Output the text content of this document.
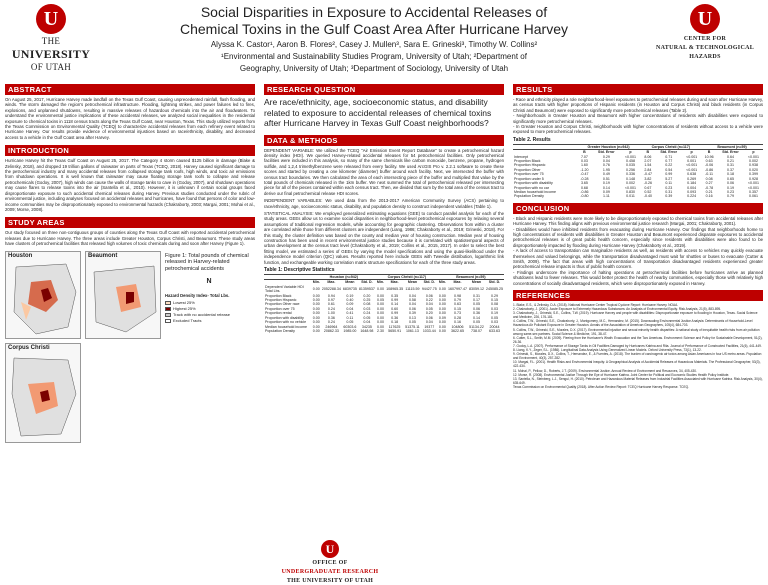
U
THE
UNIVERSITY
OF UTAH
Social Disparities in Exposure to Accidental Releases of
Chemical Toxins in the Gulf Coast Area After Hurricane Harvey
Alyssa K. Castor¹, Aaron B. Flores², Casey J. Mullen³, Sara E. Grineski³, Timothy W. Collins²
¹Environmental and Sustainability Studies Program, University of Utah; ²Department of
Geography, University of Utah; ³Department of Sociology, University of Utah
U
CENTER FOR
NATURAL & TECHNOLOGICAL
HAZARDS
ABSTRACT
On August 25, 2017, Hurricane Harvey made landfall on the Texas Gulf Coast, causing unprecedented rainfall, flash flooding, and winds. The storm damaged the region's petrochemical infrastructure. Flooding, lightning strikes, and power failures led to fires, explosions, and unplanned shutdowns, resulting in massive releases of hazardous chemicals into the air and floodwaters. To understand the environmental justice implications of these accidental releases, we analyzed social inequalities in the residential exposure to chemical toxins in 1118 census tracts along the Texas Gulf Coast, near Houston, Texas. This study utilized reports from the Texas Commission on Environmental Quality (TCEQ) to characterize accidental releases from each refinery event related to Hurricane Harvey. Our results provide evidence of environmental injustices based on race/ethnicity, disability, and decreased access to a vehicle in the Gulf Coast area after Harvey.
INTRODUCTION
Hurricane Harvey hit the Texas Gulf Coast on August 25, 2017. The Category 4 storm caused $125 billion in damage (Blake & Zelinsky, 2018), and dropped 19 trillion gallons of rainwater on parts of Texas (TCEQ, 2018). Harvey caused significant damage to the petrochemical industry and many accidental releases from collapsed storage tank roofs, high winds, and toxic air emissions from shutdown operations. It is well known that rainwater may cause floating storage tank roofs to collapse and release petrochemicals (Godoy, 2007), high winds can cause the walls of storage tanks to cave in (Godoy, 2007), and shutdown operations may cause flares to release toxins into the air (Santella et al., 2010). However, it is unknown if certain social groups faced disproportionate exposure to such accidental chemical releases during Harvey. Previous studies conducted under the rubric of environmental justice, including analyses focused on accidental releases and hurricanes, have found that persons of color and low-income communities may be disproportionately exposed to environmental hazards (Chakraborty, 2003; Margai, 2001; Mohai et al., 2009; Morse, 2008).
STUDY AREAS
Our study focused on three non-contiguous groups of counties along the Texas Gulf Coast with reported accidental petrochemical releases due to Hurricane Harvey. The three areas include Greater Houston, Corpus Christi, and Beaumont. These study areas have clusters of petrochemical facilities that released high volumes of toxic chemicals during and soon after Harvey (Figure 1).
Houston	Beaumont	Figure 1: Total pounds of chemical released in Harvey-related petrochemical accidents
N
Hazard Density Index- Total Lbs.
Lowest 25%
Highest 25%
Track with no accidental release
Excluded Tracts
Corpus Christi
RESEARCH QUESTION
Are race/ethnicity, age, socioeconomic status, and disability related to exposure to accidental releases of chemical toxins after Hurricane Harvey in Texas Gulf Coast neighborhoods?
DATA & METHODS
DEPENDENT VARIABLE: We utilized the TCEQ "Air Emission Event Report Database" to create a petrochemical hazard density index (HDI). We queried Harvey-related accidental releases for 54 petrochemical facilities. Only petrochemical facilities were included in this analysis, so many of the same chemicals like carbon monoxide, benzene, propane, hydrogen sulfide, and 1,2,4 trimethylbenzene were released from every facility. We used ArcGIS Pro v. 2.2.1 software to create these scores and started by creating a one kilometer (diameter) buffer around each facility. Next, we intersected the buffer with census tract boundaries. We then calculated the area of each intersecting piece of the buffer and multiplied that value by the total pounds of chemicals released in the 1km buffer. We next summed the total of petrochemical released per intersecting piece for all of the pieces contained within each census tract. Then, we divided that sum by the total area of the census tract to derive our final petrochemical release HDI scores.
INDEPENDENT VARIABLES: We used data from the 2013-2017 American Community Survey (ACS) pertaining to race/ethnicity, age, socioeconomic status, disability, and population density to construct independent variables (Table 1).
STATISTICAL ANALYSIS: We employed generalized estimating equations (GEE) to conduct parallel analysis for each of the study areas. GEEs allow us to examine social disparities in neighborhood-level petrochemical exposures by relaxing several assumptions of traditional regression models, while accounting for geographic clustering. Observations from within a cluster are correlated while those from different clusters are independent (Liang, 1986; Chakraborty et al., 2019; Grineski, 2018). For this study, the cluster definition was based on the county and median year of housing construction. Median year of housing construction has been used in recent environmental justice studies because it is correlated with spatiotemporal aspects of urban development at the census tract level (Chakraborty et al., 2019; Collins et al., 2015, 2017). In order to select the best fitting model, we estimated a series of GEEs by varying the model specifications and using the quasi-likelihood under the independence model criterion (QIC) values. Results reported here include GEEs with Tweedie distribution, logarithmic link function, and exchangeable working correlation matrix structure specifications for each of the three study areas.
Table 1: Descriptive Statistics
	Houston (n=942)				Corpus Christi (n=117)				Beaumont (n=59)			
	Min.	Max.	Mean	Std. D.	Min.	Max.	Mean	Std. D.	Min.	Max.	Mean	Std. D.
Dependent Variable HDI Total Lbs.	0.00	2052288.34	6839735	81359537	0.00	108965.35	11115.59	94427.75	0.00	1607997.47	83059.12	245085.25
Proportion Black	0.00	0.94	0.19	0.20	0.00	0.35	0.04	0.06	0.00	0.98	0.31	0.29
Proportion Hispanic	0.00	0.97	0.40	0.25	0.05	0.99	0.58	0.22	0.00	0.79	0.17	0.15
Proportion Other race	0.00	0.61	0.09	0.08	0.00	0.14	0.04	0.04	0.00	0.63	0.05	0.08
Proportion over 75	0.00	0.24	0.04	0.03	0.00	0.60	0.06	0.05	0.00	0.15	0.06	0.03
Proportion rental	0.00	1.00	0.41	0.24	0.00	0.99	0.39	0.20	0.00	0.73	0.36	0.19
Proportion with disability	0.00	0.36	0.11	0.05	0.00	0.36	0.13	0.06	0.09	0.28	0.14	0.05
Proportion with no vehicle	0.00	0.24	0.05	0.04	0.00	0.18	0.05	0.04	0.00	0.16	0.05	0.03
Median household income	0.00	246964	60303.6	34235	0.00	117625	51375.11	19377	0.00	104806	51134.22	20044
Population Density	0.00	20862.33	1985.00	1648.98	2.30	5650.91	1061.13	1033.44	0.00	3622.65	738.07	633.63
RESULTS
- Race and ethnicity played a role neighborhood-level exposures to petrochemical releases during and soon after Hurricane Harvey, as census tracts with higher proportions of Hispanic residents (in Houston and Corpus Christi) and black residents (in Corpus Christi and Beaumont) were exposed to significantly more petrochemical releases (Table 2).
- Neighborhoods in Greater Houston and Beaumont with higher concentrations of residents with disabilities were exposed to significantly more petrochemical releases.
- In Greater Houston and Corpus Christi, neighborhoods with higher concentrations of residents without access to a vehicle were exposed to more petrochemical releases.
Table 2. Results
	Greater Houston (n=942)			Corpus Christi (n=117)			Beaumont (n=59)		
	B	Std. Error	p	B	Std. Error	p	B	Std. Error	p
Intercept	7.07	0.29	<0.001	8.06	0.71	<0.001	10.96	0.64	<0.001
Proportion Black	0.03	0.04	0.458	2.07	0.77	0.001	0.63	0.21	0.002
Proportion Hispanic	1.60	0.76	0.035	1.54	0.22	<0.001	-0.06	0.31	0.938
Proportion Other	-1.20	1.95	0.256	2.84	0.54	<0.001	-0.86	0.37	0.020
Proportion over 75	-0.47	0.49	0.336	-0.47	0.99	0.638	-0.11	0.18	0.399
Proportion under 5	-0.28	0.51	0.148	3.82	5.27	0.269	0.08	0.65	0.928
Proportion with disability	3.65	0.19	0.002	-0.26	0.11	0.184	0.27	0.06	<0.001
Proportion with no car	0.68	0.14	<0.001	0.67	0.23	0.004	-0.78	0.19	<0.001
Median household income	-0.86	0.09	0.830	0.52	0.31	0.093	0.21	0.23	0.357
Population Density	-0.80	1.11	0.011	-0.40	0.39	0.224	0.16	0.79	0.061
CONCLUSION
- Black and Hispanic residents were more likely to be disproportionately exposed to chemical toxins from accidental releases after Hurricane Harvey. This finding aligns with previous environmental justice research (Margai, 2001; Chakraborty, 2001).
- Disabilities would have inhibited residents from evacuating during Hurricane Harvey. Our findings that neighborhoods home to high concentrations of residents with disabilities in Greater Houston and Beaumont experienced disparate exposures to accidental petrochemical releases is of great public health concern, especially since residents with disabilities were also found to be disproportionately impacted by flooding during Hurricane Harvey (Chakraborty et al., 2019).
- A lack of access to transportation can marginalize residents as well, as residents with access to vehicles may quickly evacuate themselves and valued belongings, while the transportation disadvantaged must wait for shuttles or buses to evacuate (Cutter & Smith, 2009). The fact that areas with high concentrations of transportation disadvantaged residents experienced greater petrochemical release impacts is thus of public health concern.
- Findings underscore the importance of halting operations at petrochemical facilities before hurricanes arrive as planned shutdowns lead to fewer releases. This would better protect the health of nearby communities, especially those with relatively high concentrations of socially disadvantaged residents, which were disproportionately exposed in Harvey.
REFERENCES
1. Blake, E.S., & Zelinsky, D.A. (2018). National Hurricane Center Tropical Cyclone Report: Hurricane Harvey. NOAA.
2. Chakraborty, J. (2001). Acute Exposure to Extremely Hazardous Substances: An Analysis of Environmental Equity. Risk Analysis, 21(5), 883-895.
3. Chakraborty, J., Grineski, S.E., Collins, T.W. (2019). Hurricane Harvey and people with disabilities: Disproportionate exposure to flooding in Houston, Texas. Social Science and Medicine, 226, 176-181.
4. Collins, T.W., Grineski, S.E., Chakraborty, J., Montgomery, M.C., Hernandez, M. (2015). Downscaling Environmental Justice Analysis: Determinants of Household-Level Hazardous Air Pollutant Exposure in Greater Houston. Annals of the Association of American Geographers, 105(4), 684-703.
5. Collins, T.W., Grineski, S.E., Morales, D.X. (2017). Environmental injustice and sexual minority health disparities: A national study of inequitable health risks from air pollution among same-sex partners. Social Science & Medicine, 191, 38-47.
6. Cutter, S.L., Smith, M.M. (2009). Fleeing from the Hurricane's Wrath: Evacuation and the Two Americas. Environment: Science and Policy for Sustainable Development, 51(2), 26-36.
7. Godoy, L.A. (2007). Performance of Storage Tanks in Oil Facilities Damaged by Hurricanes Katrina and Rita. Journal of Performance of Constructed Facilities, 21(6), 441-449.
8. Liang, K.Y., Zeger, S.L. (1986). Longitudinal Data Analysis Using Generalized Linear Models. Oxford University Press, 73(1), 13-22.
9. Grineski, S., Morales, D.X., Collins, T., Hernandez, E., & Fuentes, A. (2018). The burden of carcinogenic air toxics among Asian Americans in four US metro areas. Population and Environment, 40(3), 257-282.
10. Margai, F.L. (2001). Health Risks and Environmental Inequity: A Geographical Analysis of Accidental Releases of Hazardous Materials. The Professional Geographer, 53(3), 422-434.
11. Mohai, P., Pellow, D., Roberts, J.T. (2009). Environmental Justice. Annual Review of Environment and Resources, 34, 405-430.
12. Morse, R. (2008). Environmental Justice Through the Eye of Hurricane Katrina. Joint Center for Political and Economic Studies Health Policy Institute.
13. Santella, N., Steinberg, L.J., Sengul, H. (2010). Petroleum and Hazardous Material Releases from Industrial Facilities Associated with Hurricane Katrina. Risk Analysis, 30(4), 635-649.
Texas Commission on Environmental Quality (2018). After Action Review Report: TCEQ Hurricane Harvey Response. TCEQ.
U
OFFICE OF
UNDERGRADUATE RESEARCH
THE UNIVERSITY OF UTAH
